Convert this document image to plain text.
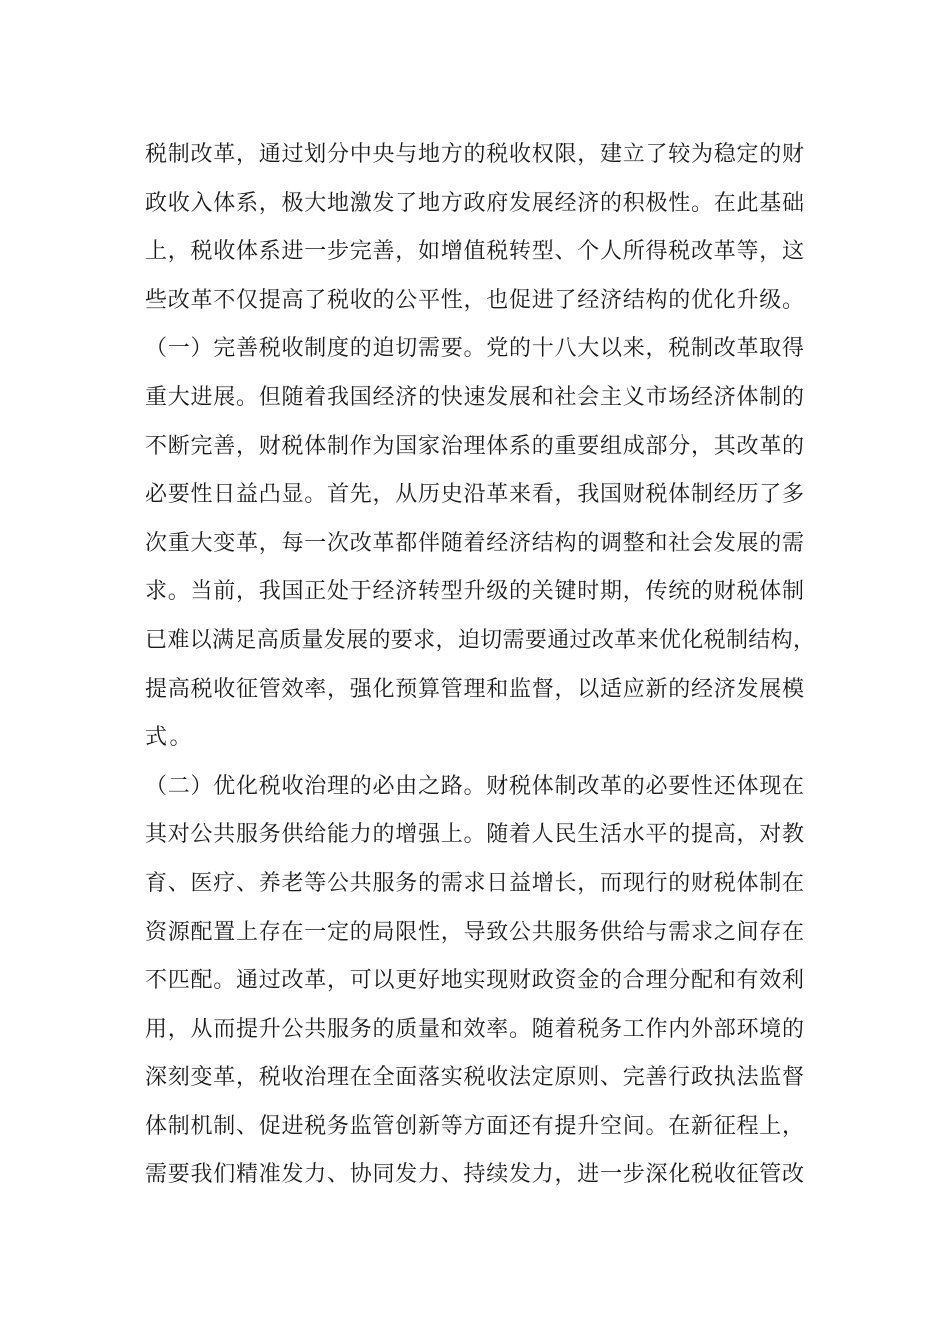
税制改革，通过划分中央与地方的税收权限，建立了较为稳定的财
政收入体系，极大地激发了地方政府发展经济的积极性。在此基础
上，税收体系进一步完善，如增值税转型、个人所得税改革等，这
些改革不仅提高了税收的公平性，也促进了经济结构的优化升级。
（一）完善税收制度的迫切需要。党的十八大以来，税制改革取得
重大进展。但随着我国经济的快速发展和社会主义市场经济体制的
不断完善，财税体制作为国家治理体系的重要组成部分，其改革的
必要性日益凸显。首先，从历史沿革来看，我国财税体制经历了多
次重大变革，每一次改革都伴随着经济结构的调整和社会发展的需
求。当前，我国正处于经济转型升级的关键时期，传统的财税体制
已难以满足高质量发展的要求，迫切需要通过改革来优化税制结构，
提高税收征管效率，强化预算管理和监督，以适应新的经济发展模
式。
（二）优化税收治理的必由之路。财税体制改革的必要性还体现在
其对公共服务供给能力的增强上。随着人民生活水平的提高，对教
育、医疗、养老等公共服务的需求日益增长，而现行的财税体制在
资源配置上存在一定的局限性，导致公共服务供给与需求之间存在
不匹配。通过改革，可以更好地实现财政资金的合理分配和有效利
用，从而提升公共服务的质量和效率。随着税务工作内外部环境的
深刻变革，税收治理在全面落实税收法定原则、完善行政执法监督
体制机制、促进税务监管创新等方面还有提升空间。在新征程上，
需要我们精准发力、协同发力、持续发力，进一步深化税收征管改
